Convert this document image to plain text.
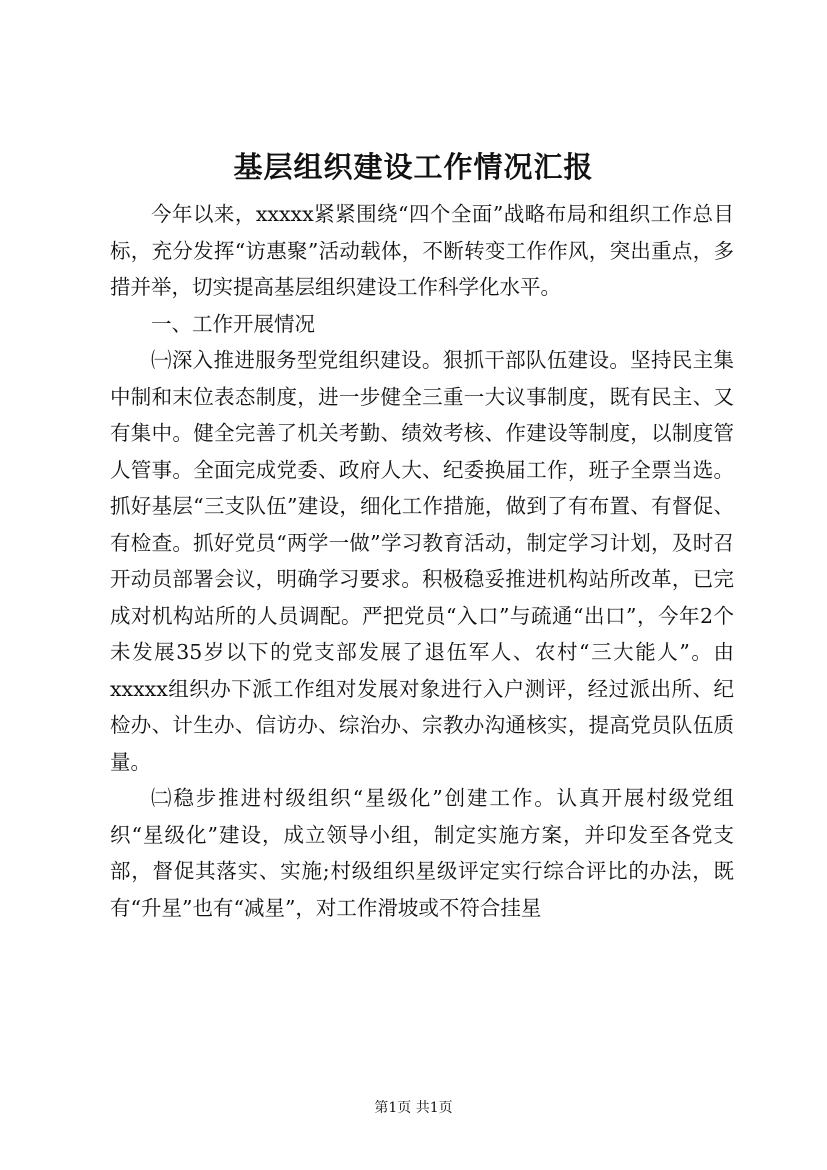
基层组织建设工作情况汇报

今年以来，xxxxx紧紧围绕“四个全面”战略布局和组织工作总目标，充分发挥“访惠聚”活动载体，不断转变工作作风，突出重点，多措并举，切实提高基层组织建设工作科学化水平。

一、工作开展情况

㈠深入推进服务型党组织建设。狠抓干部队伍建设。坚持民主集中制和末位表态制度，进一步健全三重一大议事制度，既有民主、又有集中。健全完善了机关考勤、绩效考核、作建设等制度，以制度管人管事。全面完成党委、政府人大、纪委换届工作，班子全票当选。抓好基层“三支队伍”建设，细化工作措施，做到了有布置、有督促、有检查。抓好党员“两学一做”学习教育活动，制定学习计划，及时召开动员部署会议，明确学习要求。积极稳妥推进机构站所改革，已完成对机构站所的人员调配。严把党员“入口”与疏通“出口”，今年2个未发展35岁以下的党支部发展了退伍军人、农村“三大能人”。由xxxxx组织办下派工作组对发展对象进行入户测评，经过派出所、纪检办、计生办、信访办、综治办、宗教办沟通核实，提高党员队伍质量。

㈡稳步推进村级组织“星级化”创建工作。认真开展村级党组织“星级化”建设，成立领导小组，制定实施方案，并印发至各党支部，督促其落实、实施;村级组织星级评定实行综合评比的办法，既有“升星”也有“减星”，对工作滑坡或不符合挂星

第1页 共1页
